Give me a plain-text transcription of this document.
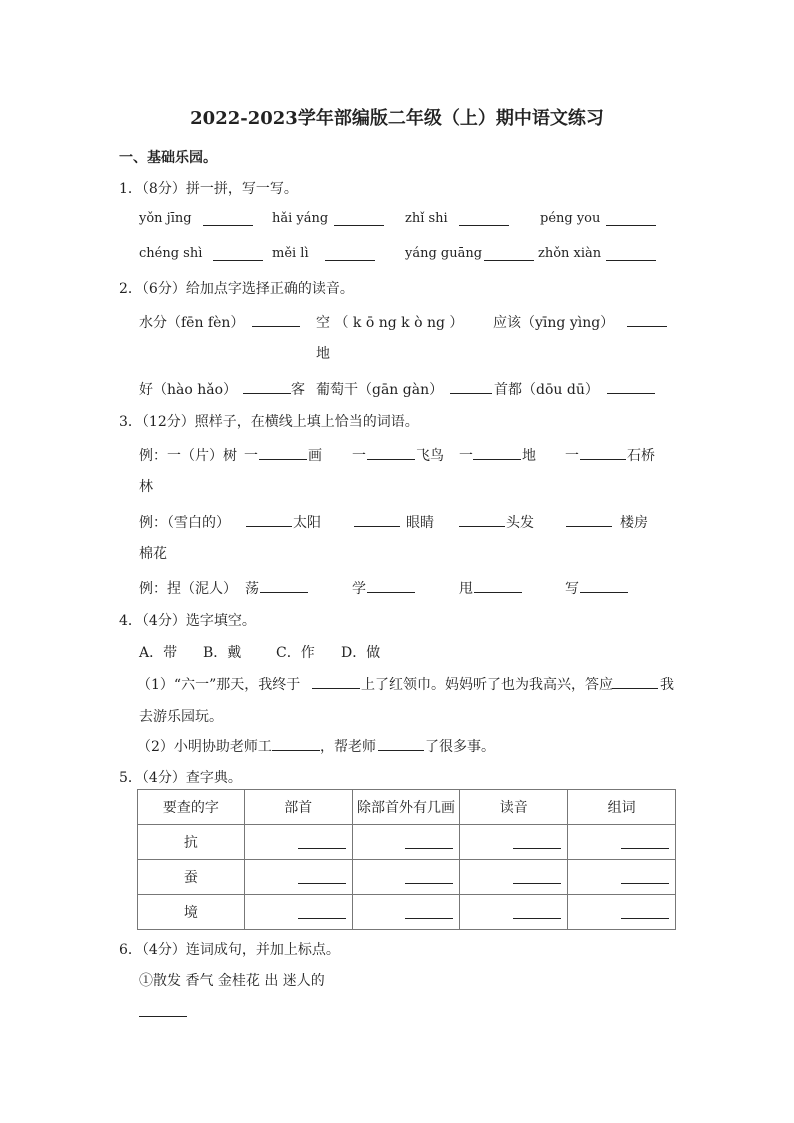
2022-2023学年部编版二年级（上）期中语文练习
一、基础乐园。
1．（8分）拼一拼，写一写。
yǒn jīng	hǎi yáng	zhǐ shi	péng you
chéng shì	měi lì	yáng guāng	zhǒn xiàn
2．（6分）给加点字选择正确的读音。
水分（fēn fèn）	空 （ k ō ng k ò ng ） 应该（yīng yìng）
地
好（hào hǎo）	客 葡萄干（gān gàn）	首都（dōu dū）
3．（12分）照样子，在横线上填上恰当的词语。
例：一（片）树 一	画 一	飞鸟 一	地 一	石桥
林
例：（雪白的）	太阳	眼睛	头发	楼房
棉花
例：捏（泥人） 荡	学	甩	写
4．（4分）选字填空。
A．带 B．戴 C．作 D．做
（1）“六一”那天，我终于	上了红领巾。妈妈听了也为我高兴，答应	我
去游乐园玩。
（2）小明协助老师工	，帮老师	了很多事。
5．（4分）查字典。
要查的字	部首	除部首外有几画	读音	组词
抗	

蚕	

境	

6．（4分）连词成句，并加上标点。
①散发 香气 金桂花 出 迷人的
